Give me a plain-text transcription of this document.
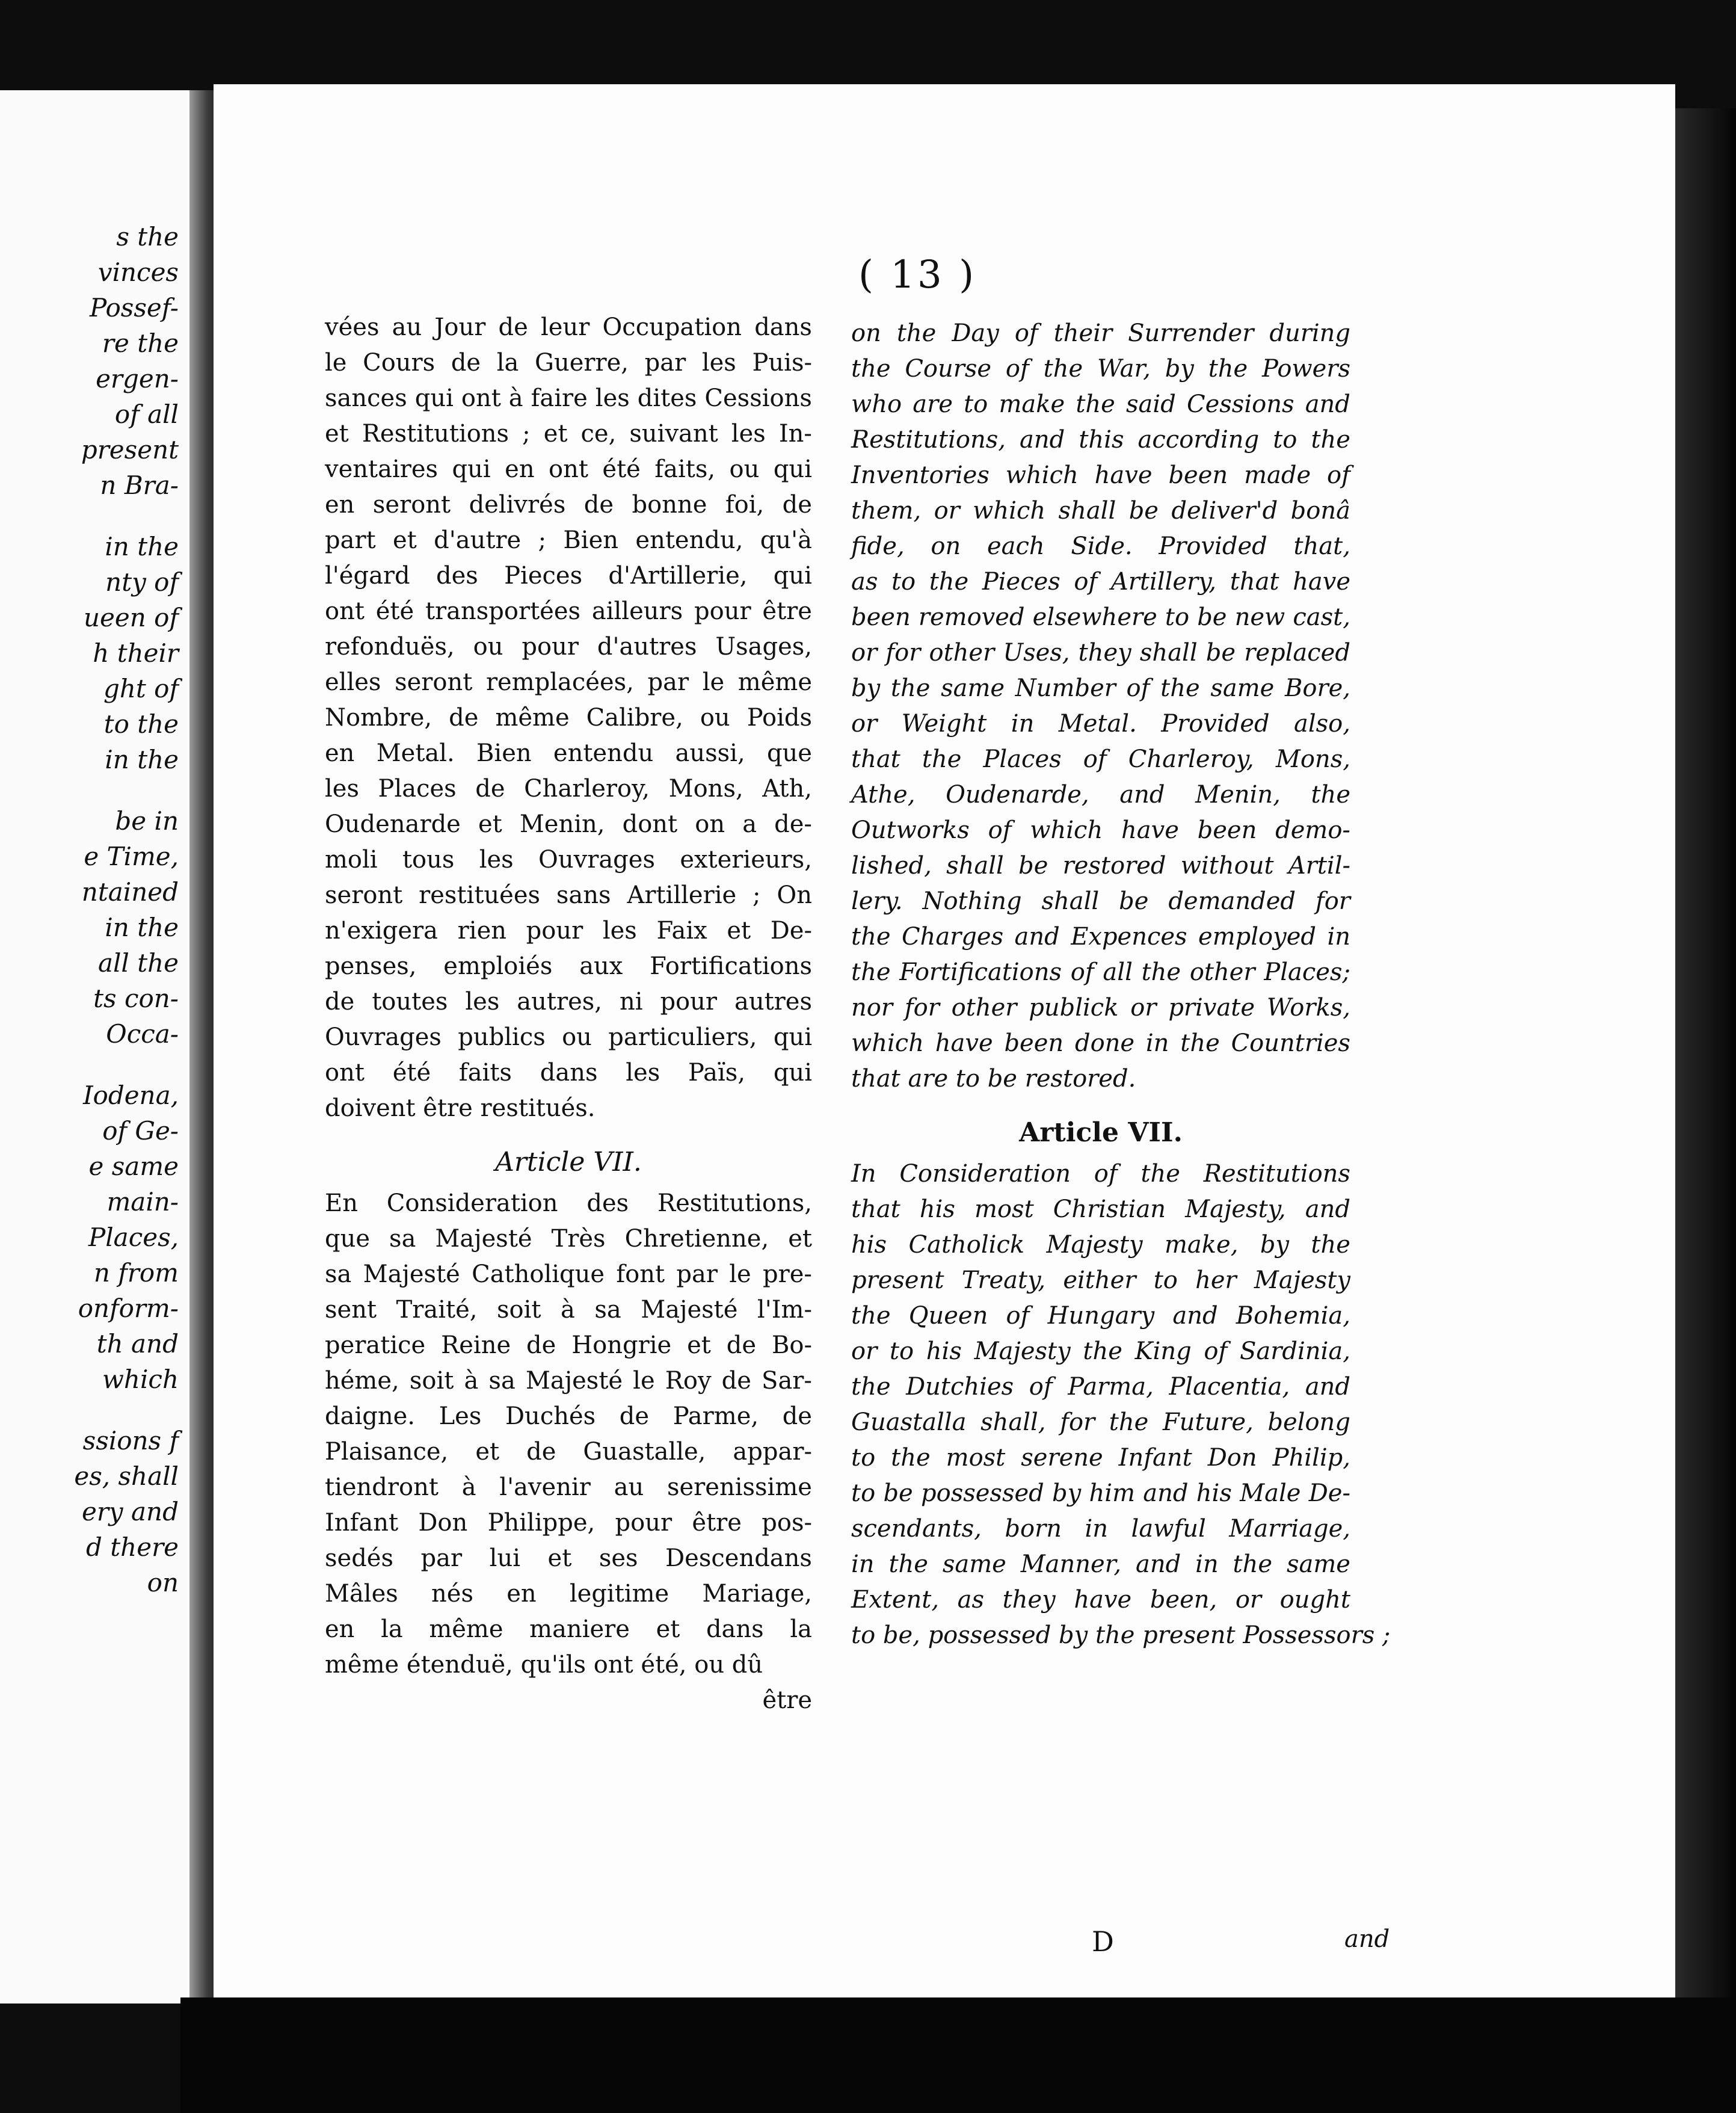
s the
vinces
Possef-
re the
ergen-
of all
present
n Bra-
in the
nty of
ueen of
h their
ght of
to the
in the
be in
e Time,
ntained
in the
all the
ts con-
Occa-
Iodena,
of Ge-
e same
main-
Places,
n from
onform-
th and
which
ssions f
es, shall
ery and
d there
on
( 13 )
vées au Jour de leur Occupation dans
le Cours de la Guerre, par les Puis-
sances qui ont à faire les dites Cessions
et Restitutions ; et ce, suivant les In-
ventaires qui en ont été faits, ou qui
en seront delivrés de bonne foi, de
part et d'autre ; Bien entendu, qu'à
l'égard des Pieces d'Artillerie, qui
ont été transportées ailleurs pour être
refonduës, ou pour d'autres Usages,
elles seront remplacées, par le même
Nombre, de même Calibre, ou Poids
en Metal. Bien entendu aussi, que
les Places de Charleroy, Mons, Ath,
Oudenarde et Menin, dont on a de-
moli tous les Ouvrages exterieurs,
seront restituées sans Artillerie ; On
n'exigera rien pour les Faix et De-
penses, emploiés aux Fortifications
de toutes les autres, ni pour autres
Ouvrages publics ou particuliers, qui
ont été faits dans les Païs, qui
doivent être restitués.
Article VII.
En Consideration des Restitutions,
que sa Majesté Très Chretienne, et
sa Majesté Catholique font par le pre-
sent Traité, soit à sa Majesté l'Im-
peratice Reine de Hongrie et de Bo-
héme, soit à sa Majesté le Roy de Sar-
daigne. Les Duchés de Parme, de
Plaisance, et de Guastalle, appar-
tiendront à l'avenir au serenissime
Infant Don Philippe, pour être pos-
sedés par lui et ses Descendans
Mâles nés en legitime Mariage,
en la même maniere et dans la
même étenduë, qu'ils ont été, ou dû
être
on the Day of their Surrender during
the Course of the War, by the Powers
who are to make the said Cessions and
Restitutions, and this according to the
Inventories which have been made of
them, or which shall be deliver'd bonâ
fide, on each Side. Provided that,
as to the Pieces of Artillery, that have
been removed elsewhere to be new cast,
or for other Uses, they shall be replaced
by the same Number of the same Bore,
or Weight in Metal. Provided also,
that the Places of Charleroy, Mons,
Athe, Oudenarde, and Menin, the
Outworks of which have been demo-
lished, shall be restored without Artil-
lery. Nothing shall be demanded for
the Charges and Expences employed in
the Fortifications of all the other Places;
nor for other publick or private Works,
which have been done in the Countries
that are to be restored.
Article VII.
In Consideration of the Restitutions
that his most Christian Majesty, and
his Catholick Majesty make, by the
present Treaty, either to her Majesty
the Queen of Hungary and Bohemia,
or to his Majesty the King of Sardinia,
the Dutchies of Parma, Placentia, and
Guastalla shall, for the Future, belong
to the most serene Infant Don Philip,
to be possessed by him and his Male De-
scendants, born in lawful Marriage,
in the same Manner, and in the same
Extent, as they have been, or ought
to be, possessed by the present Possessors ;
D	and
